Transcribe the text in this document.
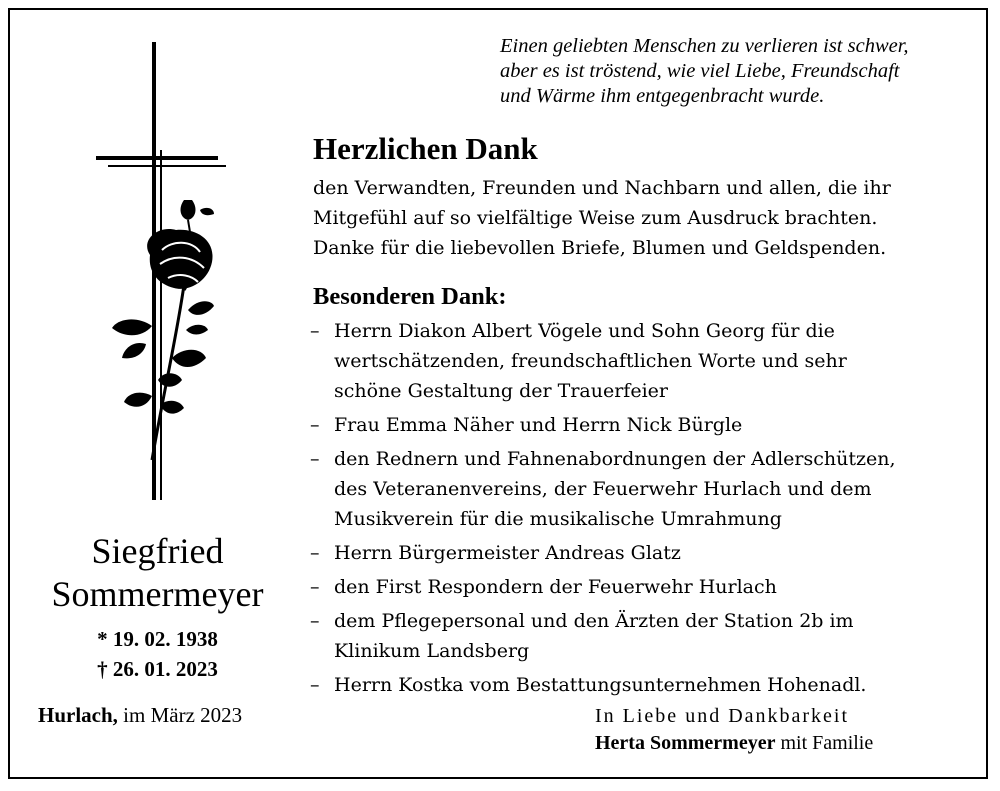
Einen geliebten Menschen zu verlieren ist schwer,
aber es ist tröstend, wie viel Liebe, Freundschaft
und Wärme ihm entgegenbracht wurde.
Herzlichen Dank
den Verwandten, Freunden und Nachbarn und allen, die ihr
Mitgefühl auf so vielfältige Weise zum Ausdruck brachten.
Danke für die liebevollen Briefe, Blumen und Geldspenden.
Besonderen Dank:
– Herrn Diakon Albert Vögele und Sohn Georg für die
wertschätzenden, freundschaftlichen Worte und sehr
schöne Gestaltung der Trauerfeier
– Frau Emma Näher und Herrn Nick Bürgle
– den Rednern und Fahnenabordnungen der Adlerschützen,
des Veteranenvereins, der Feuerwehr Hurlach und dem
Musikverein für die musikalische Umrahmung
– Herrn Bürgermeister Andreas Glatz
– den First Respondern der Feuerwehr Hurlach
– dem Pflegepersonal und den Ärzten der Station 2b im
Klinikum Landsberg
– Herrn Kostka vom Bestattungsunternehmen Hohenadl.
Siegfried
Sommermeyer
* 19. 02. 1938
† 26. 01. 2023
Hurlach, im März 2023	In Liebe und Dankbarkeit
Herta Sommermeyer mit Familie
